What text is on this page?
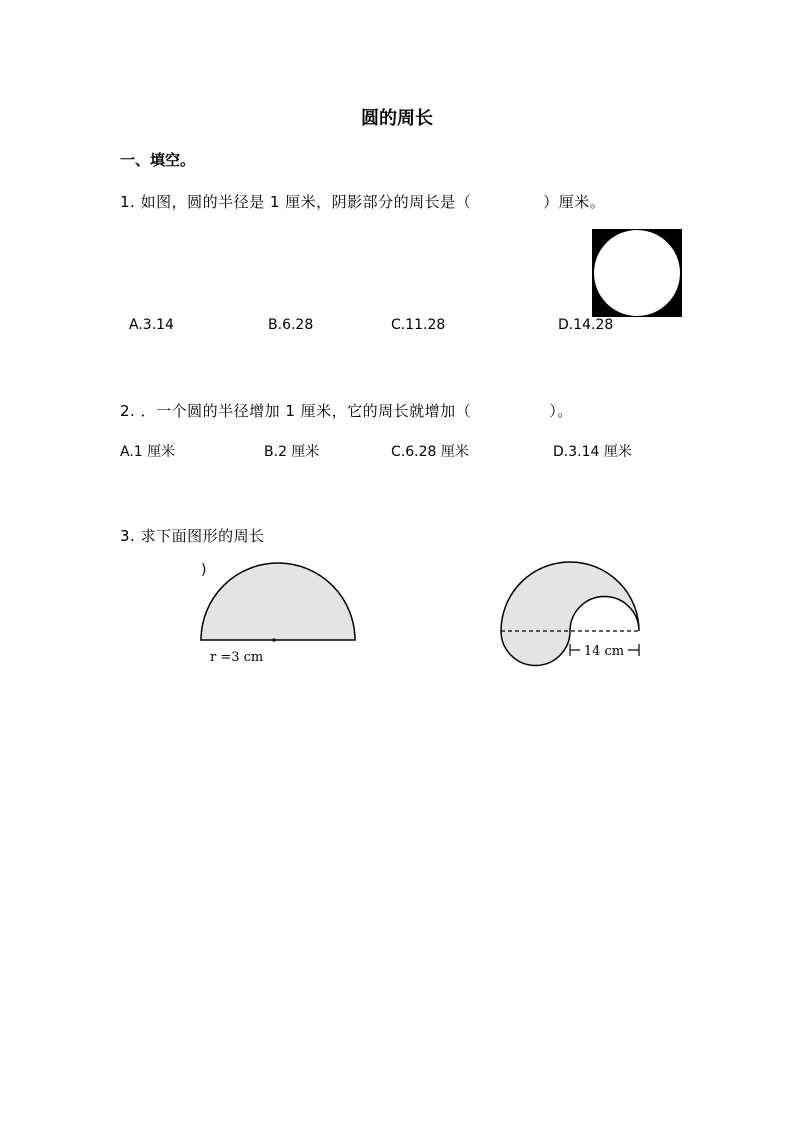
圆的周长
一、填空。
1. 如图，圆的半径是 1 厘米，阴影部分的周长是（	）厘米。
A.3.14	B.6.28	C.11.28	D.14.28
2. ．一个圆的半径增加 1 厘米，它的周长就增加（	）。
A.1 厘米	B.2 厘米	C.6.28 厘米	D.3.14 厘米
3. 求下面图形的周长
)
r =3 cm	14 cm
